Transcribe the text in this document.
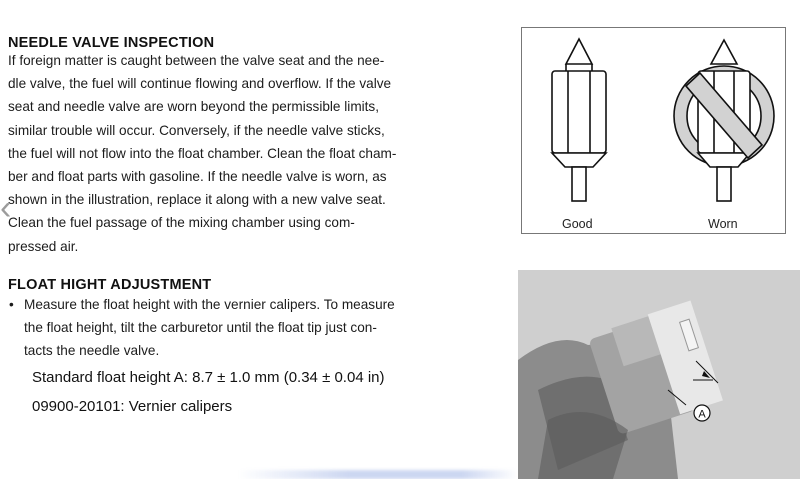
NEEDLE VALVE INSPECTION
If foreign matter is caught between the valve seat and the nee-
dle valve, the fuel will continue flowing and overflow. If the valve
seat and needle valve are worn beyond the permissible limits,
similar trouble will occur. Conversely, if the needle valve sticks,
the fuel will not flow into the float chamber. Clean the float cham-
ber and float parts with gasoline. If the needle valve is worn, as
shown in the illustration, replace it along with a new valve seat.
Clean the fuel passage of the mixing chamber using com-
pressed air.
FLOAT HIGHT ADJUSTMENT
• Measure the float height with the vernier calipers. To measure
the float height, tilt the carburetor until the float tip just con-
tacts the needle valve.
Standard float height A: 8.7 ± 1.0 mm (0.34 ± 0.04 in)
09900-20101: Vernier calipers
Good	Worn
A
‹
